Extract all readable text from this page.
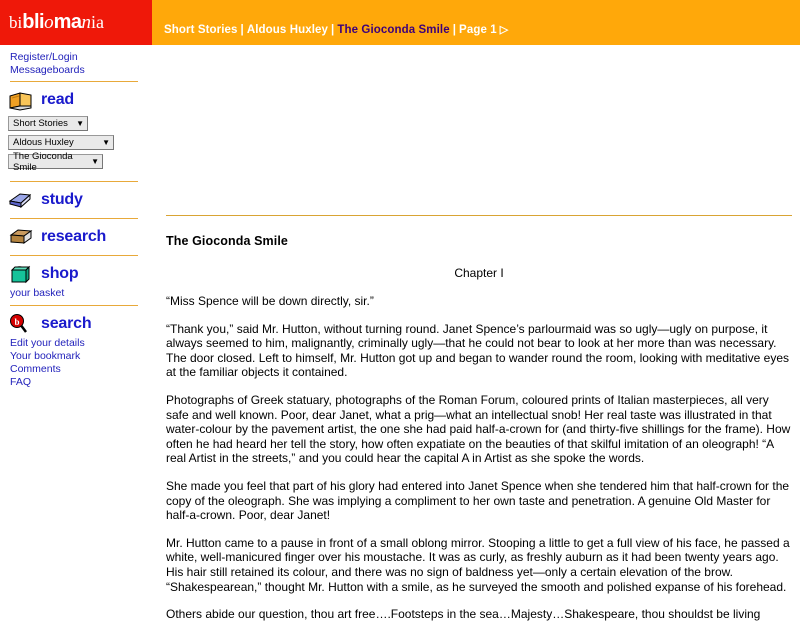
bibliomania	Short Stories | Aldous Huxley | The Gioconda Smile | Page 1 ▷
Register/Login
Messageboards
read
Short Stories ▼
Aldous Huxley	▼
The Gioconda Smile	▼
study
research
shop
your basket
b search
Edit your details
Your bookmark
Comments
FAQ
The Gioconda Smile

Chapter I

“Miss Spence will be down directly, sir.”

“Thank you,” said Mr. Hutton, without turning round. Janet Spence’s parlourmaid was so ugly—ugly on purpose, it always seemed to him, malignantly, criminally ugly—that he could not bear to look at her more than was necessary. The door closed. Left to himself, Mr. Hutton got up and began to wander round the room, looking with meditative eyes at the familiar objects it contained.

Photographs of Greek statuary, photographs of the Roman Forum, coloured prints of Italian masterpieces, all very safe and well known. Poor, dear Janet, what a prig—what an intellectual snob! Her real taste was illustrated in that water-colour by the pavement artist, the one she had paid half-a-crown for (and thirty-five shillings for the frame). How often he had heard her tell the story, how often expatiate on the beauties of that skilful imitation of an oleograph! “A real Artist in the streets,” and you could hear the capital A in Artist as she spoke the words.

She made you feel that part of his glory had entered into Janet Spence when she tendered him that half-crown for the copy of the oleograph. She was implying a compliment to her own taste and penetration. A genuine Old Master for half-a-crown. Poor, dear Janet!

Mr. Hutton came to a pause in front of a small oblong mirror. Stooping a little to get a full view of his face, he passed a white, well-manicured finger over his moustache. It was as curly, as freshly auburn as it had been twenty years ago. His hair still retained its colour, and there was no sign of baldness yet—only a certain elevation of the brow. “Shakespearean,” thought Mr. Hutton with a smile, as he surveyed the smooth and polished expanse of his forehead.

Others abide our question, thou art free….Footsteps in the sea…Majesty…Shakespeare, thou shouldst be living
